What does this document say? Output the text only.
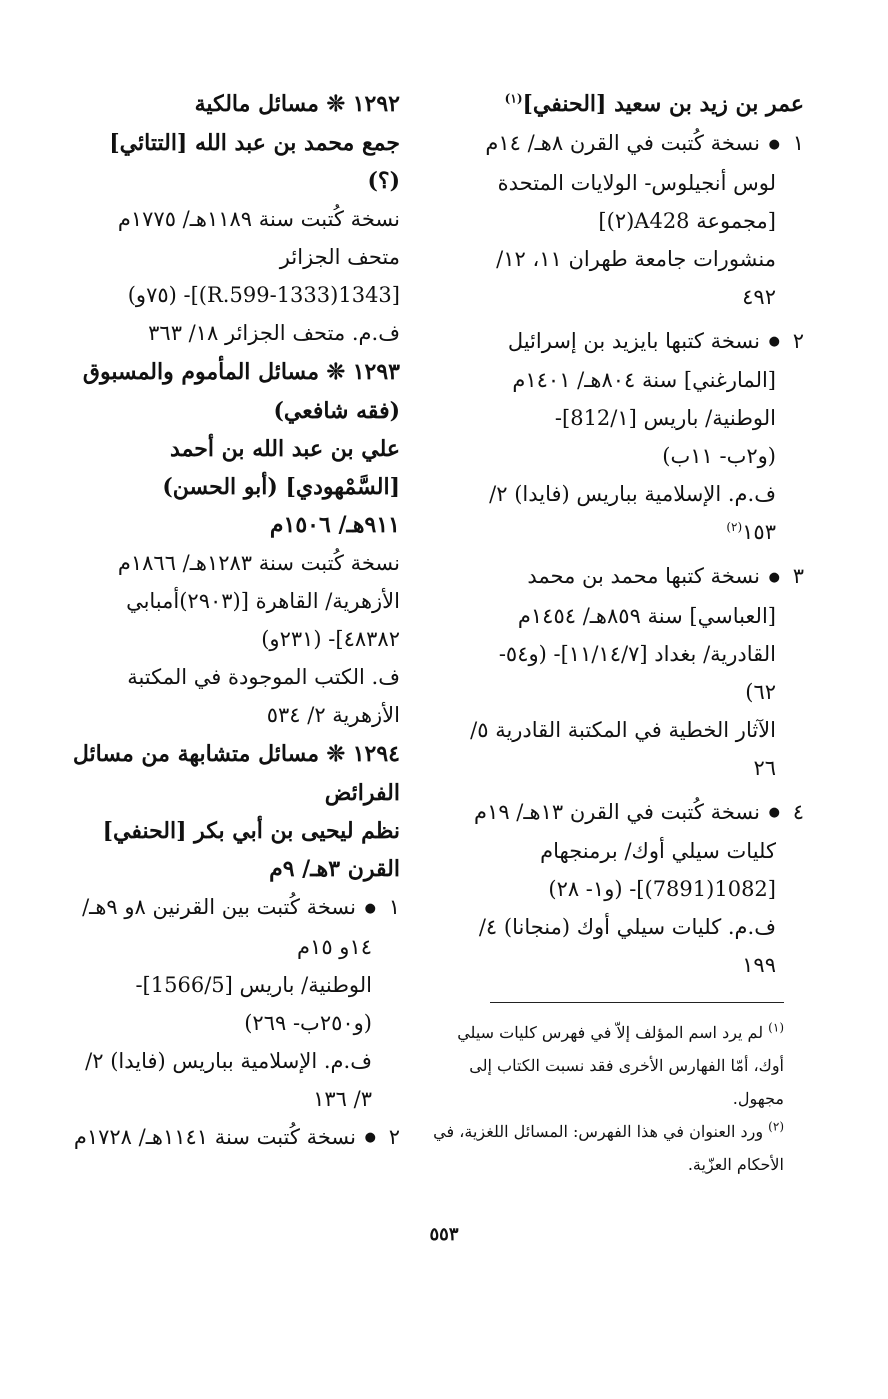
عمر بن زيد بن سعيد [الحنفي]$^{(١)}$
١● نسخة كُتبت في القرن ٨هـ/ ١٤م
لوس أنجيلوس- الولايات المتحدة
[مجموعة A428(٢)]
منشورات جامعة طهران ١١، ١٢/
٤٩٢
٢● نسخة كتبها بايزيد بن إسرائيل
[المارغني] سنة ٨٠٤هـ/ ١٤٠١م
الوطنية/ باريس [812/١]-
(و٢ب- ١١ب)
ف.م. الإسلامية بباريس (فايدا) ٢/
١٥٣$^{(٢)}$
٣● نسخة كتبها محمد بن محمد
[العباسي] سنة ٨٥٩هـ/ ١٤٥٤م
القادرية/ بغداد [١١/١٤/٧]- (و٥٤-
٦٢)
الآثار الخطية في المكتبة القادرية ٥/
٢٦
٤● نسخة كُتبت في القرن ١٣هـ/ ١٩م
كليات سيلي أوك/ برمنجهام
[1082(7891)]- (و١- ٢٨)
ف.م. كليات سيلي أوك (منجانا) ٤/
١٩٩
١٢٩٢ ❊ مسائل مالكية
جمع محمد بن عبد الله [التتائي]
(؟)
نسخة كُتبت سنة ١١٨٩هـ/ ١٧٧٥م
متحف الجزائر
[1343(1333-R.599)]- (٧٥و)
ف.م. متحف الجزائر ١٨/ ٣٦٣
١٢٩٣ ❊ مسائل المأموم والمسبوق
(فقه شافعي)
علي بن عبد الله بن أحمد
[السَّمْهودي] (أبو الحسن)
٩١١هـ/ ١٥٠٦م
نسخة كُتبت سنة ١٢٨٣هـ/ ١٨٦٦م
الأزهرية/ القاهرة [(٢٩٠٣)أمبابي
٤٨٣٨٢]- (٢٣١و)
ف. الكتب الموجودة في المكتبة
الأزهرية ٢/ ٥٣٤
١٢٩٤ ❊ مسائل متشابهة من مسائل
الفرائض
نظم ليحيى بن أبي بكر [الحنفي]
القرن ٣هـ/ ٩م
١● نسخة كُتبت بين القرنين ٨و ٩هـ/
١٤و ١٥م
الوطنية/ باريس [1566/5]-
(و٢٥٠ب- ٢٦٩)
ف.م. الإسلامية بباريس (فايدا) ٢/
٣/ ١٣٦
٢● نسخة كُتبت سنة ١١٤١هـ/ ١٧٢٨م
$^{(١)}$ لم يرد اسم المؤلف إلاّ في فهرس كليات سيلي
أوك، أمّا الفهارس الأخرى فقد نسبت الكتاب إلى
مجهول.
$^{(٢)}$ ورد العنوان في هذا الفهرس: المسائل اللغزية، في
الأحكام العزّية.
٥٥٣
